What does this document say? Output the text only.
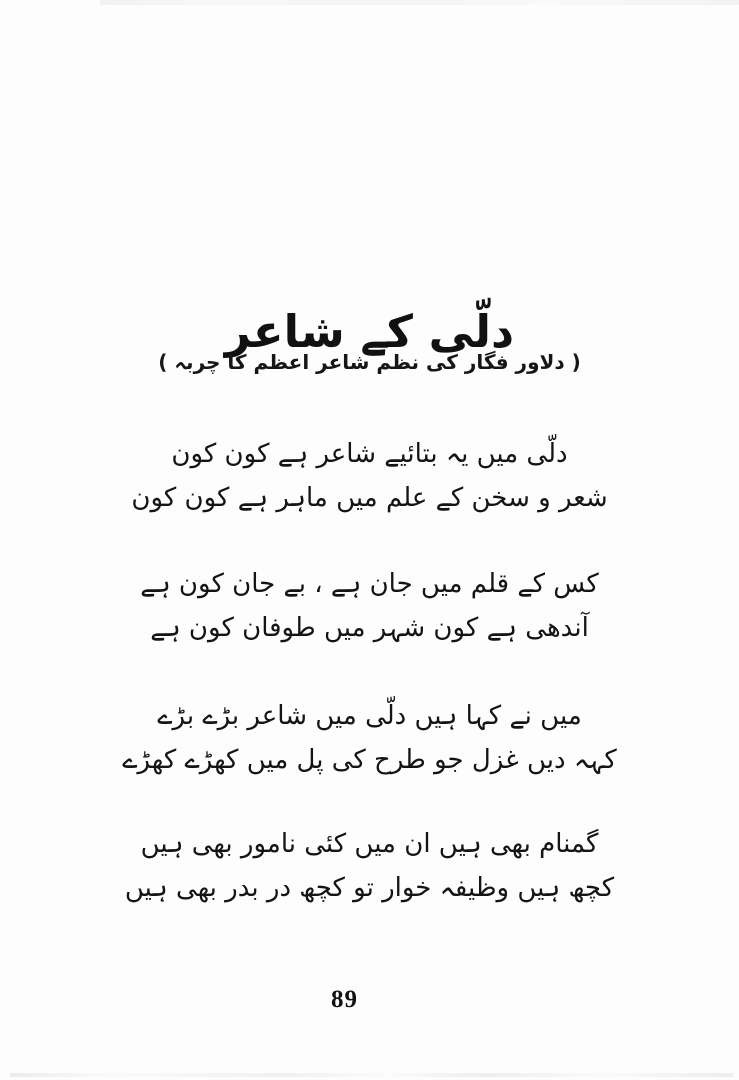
دلّی کے شاعر
( دلاور فگار کی نظم شاعر اعظم کا چربہ )
دلّی میں یہ بتائیے شاعر ہے کون کون
شعر و سخن کے علم میں ماہر ہے کون کون
کس کے قلم میں جان ہے ، بے جان کون ہے
آندھی ہے کون شہر میں طوفان کون ہے
میں نے کہا ہیں دلّی میں شاعر بڑے بڑے
کہہ دیں غزل جو طرح کی پل میں کھڑے کھڑے
گمنام بھی ہیں ان میں کئی نامور بھی ہیں
کچھ ہیں وظیفہ خوار تو کچھ در بدر بھی ہیں
89
